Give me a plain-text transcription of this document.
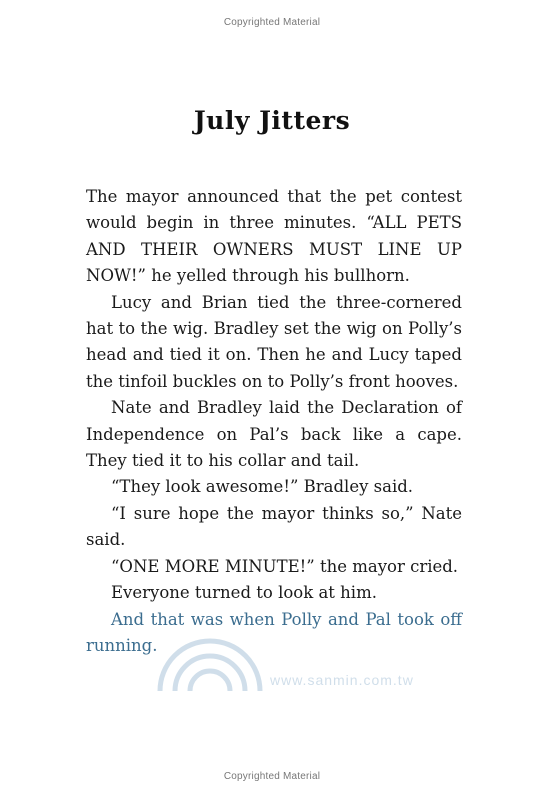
Copyrighted Material
July Jitters

The mayor announced that the pet contest would begin in three minutes. “ALL PETS AND THEIR OWNERS MUST LINE UP NOW!” he yelled through his bullhorn.

Lucy and Brian tied the three-cornered hat to the wig. Bradley set the wig on Polly’s head and tied it on. Then he and Lucy taped the tinfoil buckles on to Polly’s front hooves.

Nate and Bradley laid the Declaration of Independence on Pal’s back like a cape. They tied it to his collar and tail.

“They look awesome!” Bradley said.

“I sure hope the mayor thinks so,” Nate said.

“ONE MORE MINUTE!” the mayor cried.

Everyone turned to look at him.

And that was when Polly and Pal took off running.

www.sanmin.com.tw
Copyrighted Material
